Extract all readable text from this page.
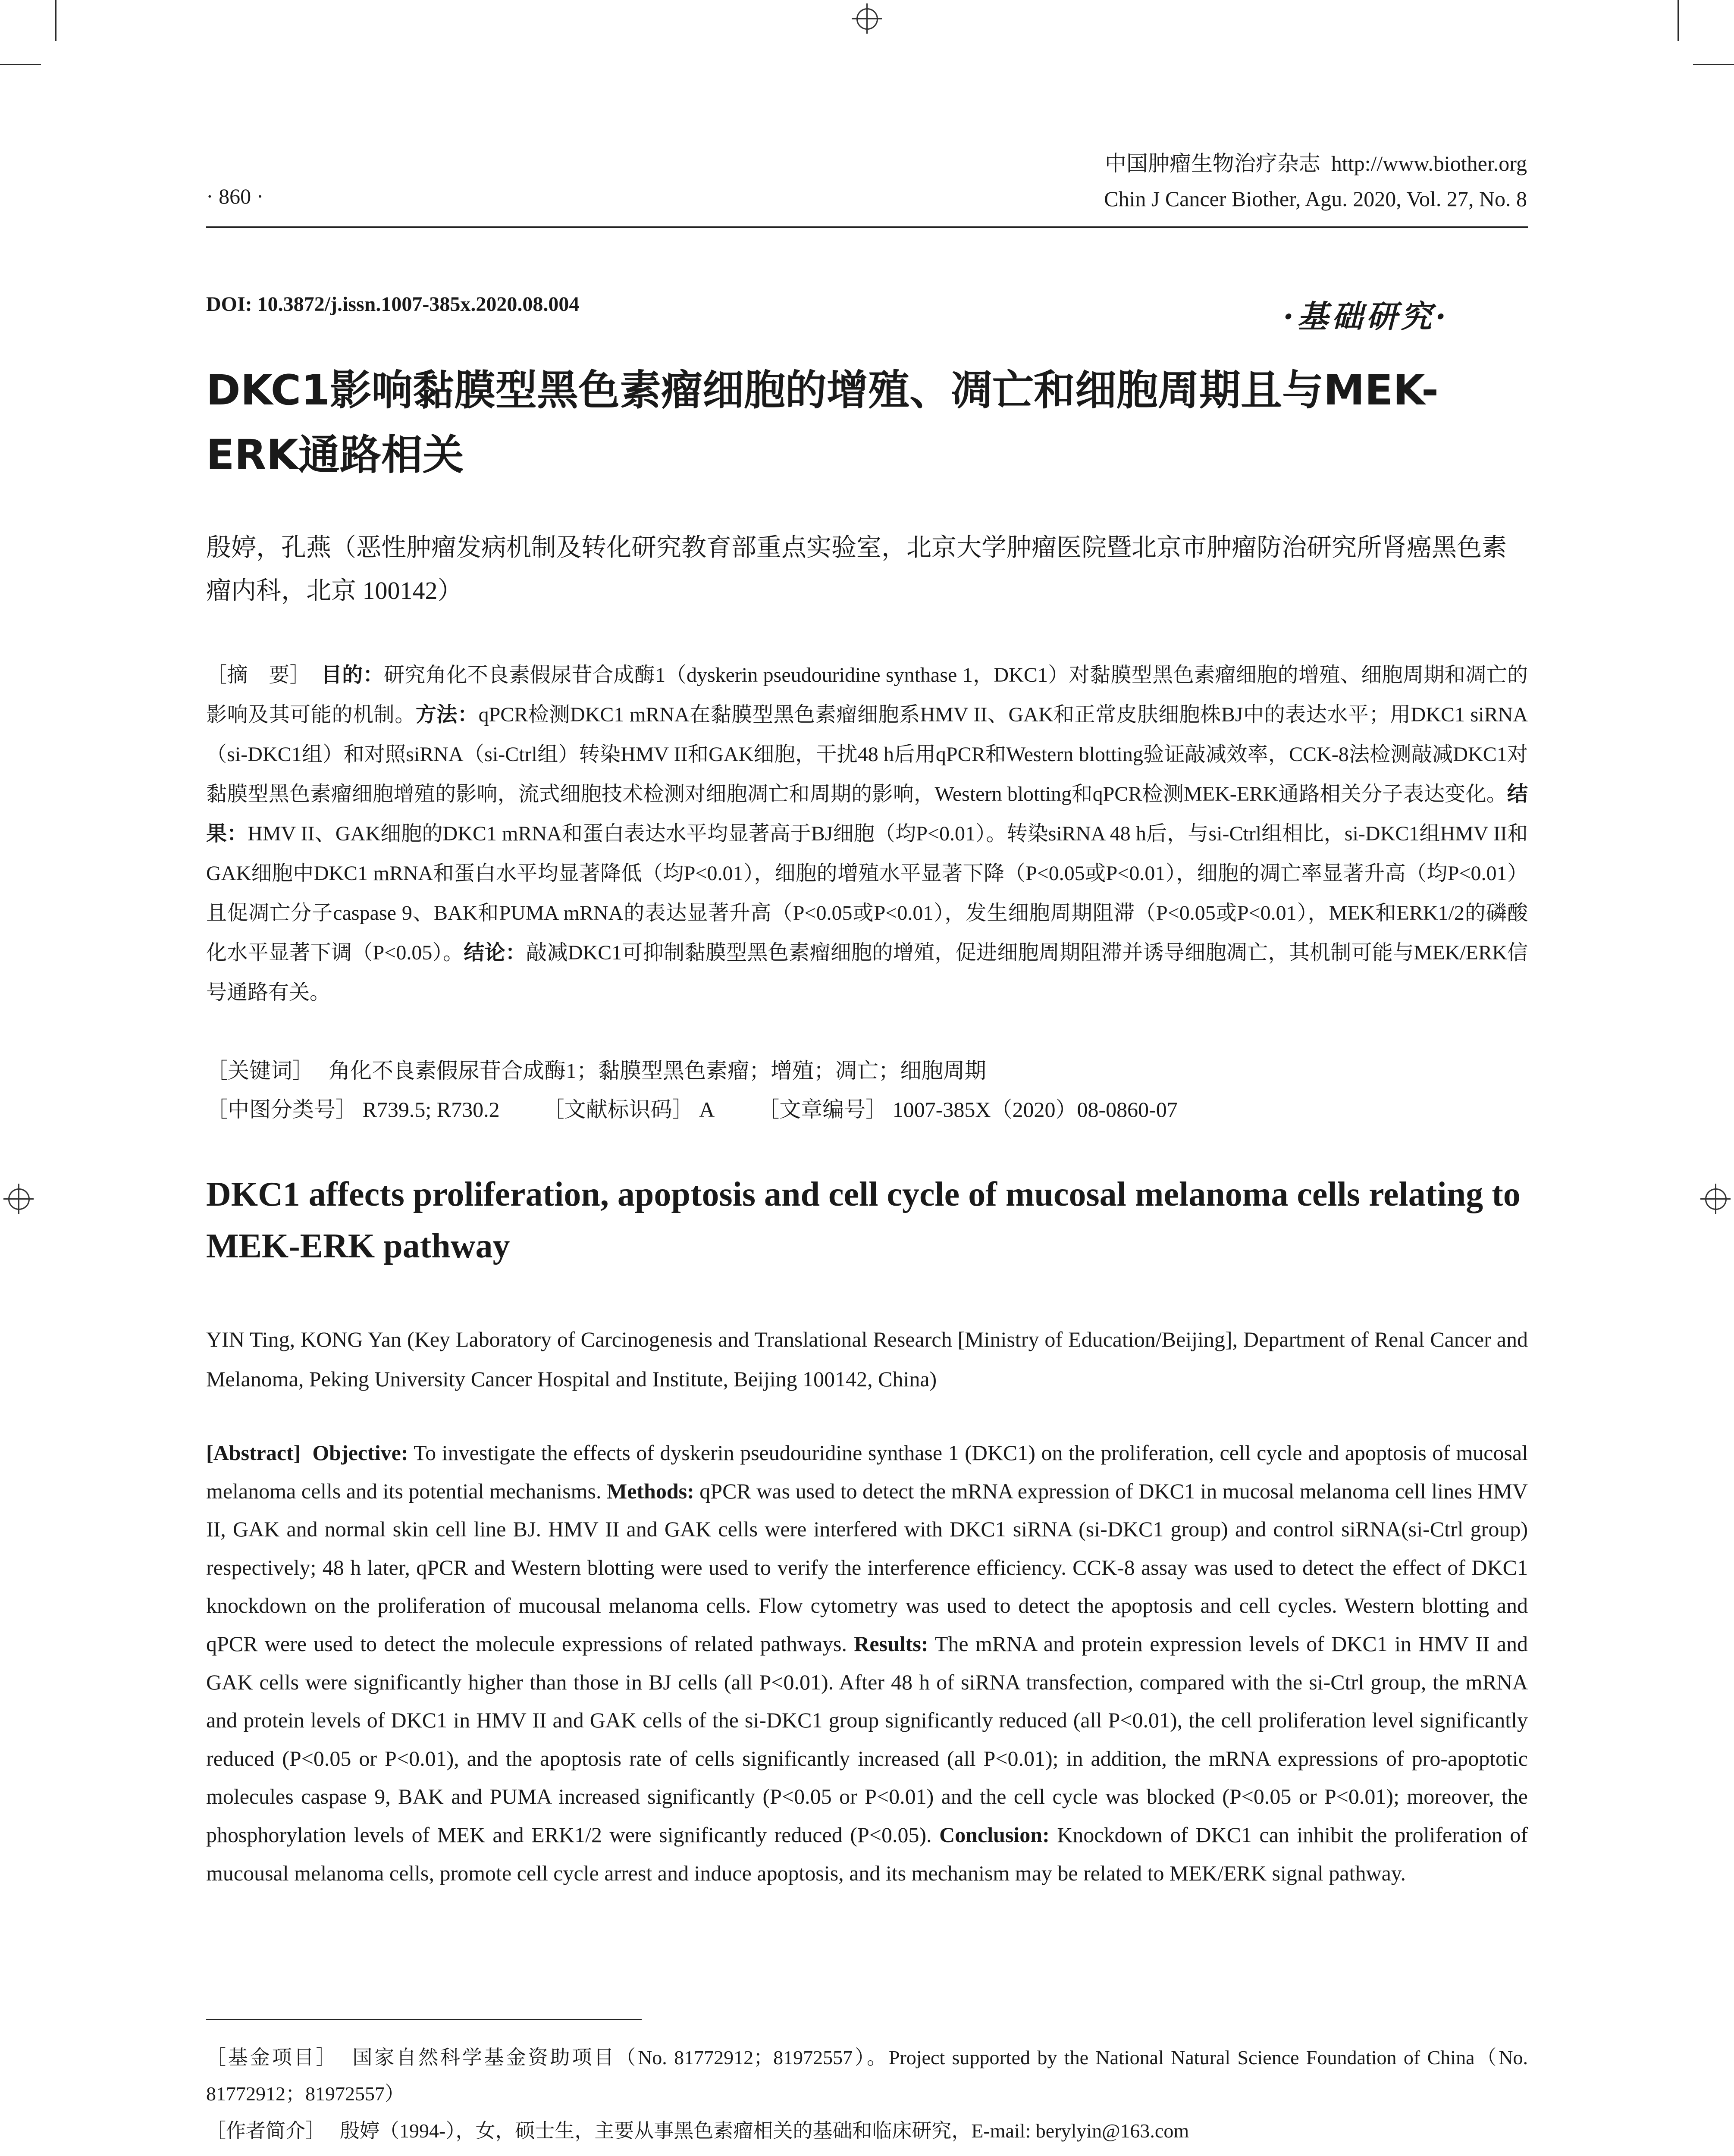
中国肿瘤生物治疗杂志 http://www.biother.org
Chin J Cancer Biother, Agu. 2020, Vol. 27, No. 8
· 860 ·
DOI: 10.3872/j.issn.1007-385x.2020.08.004	·基础研究·
DKC1影响黏膜型黑色素瘤细胞的增殖、凋亡和细胞周期且与MEK-ERK通路相关
殷婷，孔燕（恶性肿瘤发病机制及转化研究教育部重点实验室，北京大学肿瘤医院暨北京市肿瘤防治研究所肾癌黑色素瘤内科，北京 100142）
［摘　要］ 目的：研究角化不良素假尿苷合成酶1（dyskerin pseudouridine synthase 1，DKC1）对黏膜型黑色素瘤细胞的增殖、细胞周期和凋亡的影响及其可能的机制。方法：qPCR检测DKC1 mRNA在黏膜型黑色素瘤细胞系HMV II、GAK和正常皮肤细胞株BJ中的表达水平；用DKC1 siRNA（si-DKC1组）和对照siRNA（si-Ctrl组）转染HMV II和GAK细胞，干扰48 h后用qPCR和Western blotting验证敲减效率，CCK-8法检测敲减DKC1对黏膜型黑色素瘤细胞增殖的影响，流式细胞技术检测对细胞凋亡和周期的影响，Western blotting和qPCR检测MEK-ERK通路相关分子表达变化。结果：HMV II、GAK细胞的DKC1 mRNA和蛋白表达水平均显著高于BJ细胞（均P<0.01）。转染siRNA 48 h后，与si-Ctrl组相比，si-DKC1组HMV II和GAK细胞中DKC1 mRNA和蛋白水平均显著降低（均P<0.01），细胞的增殖水平显著下降（P<0.05或P<0.01），细胞的凋亡率显著升高（均P<0.01）且促凋亡分子caspase 9、BAK和PUMA mRNA的表达显著升高（P<0.05或P<0.01），发生细胞周期阻滞（P<0.05或P<0.01），MEK和ERK1/2的磷酸化水平显著下调（P<0.05）。结论：敲减DKC1可抑制黏膜型黑色素瘤细胞的增殖，促进细胞周期阻滞并诱导细胞凋亡，其机制可能与MEK/ERK信号通路有关。
［关键词］ 角化不良素假尿苷合成酶1；黏膜型黑色素瘤；增殖；凋亡；细胞周期
［中图分类号］ R739.5; R730.2 ［文献标识码］ A ［文章编号］ 1007-385X（2020）08-0860-07
DKC1 affects proliferation, apoptosis and cell cycle of mucosal melanoma cells relating to MEK-ERK pathway
YIN Ting, KONG Yan (Key Laboratory of Carcinogenesis and Translational Research [Ministry of Education/Beijing], Department of Renal Cancer and Melanoma, Peking University Cancer Hospital and Institute, Beijing 100142, China)
[Abstract] Objective: To investigate the effects of dyskerin pseudouridine synthase 1 (DKC1) on the proliferation, cell cycle and apoptosis of mucosal melanoma cells and its potential mechanisms. Methods: qPCR was used to detect the mRNA expression of DKC1 in mucosal melanoma cell lines HMV II, GAK and normal skin cell line BJ. HMV II and GAK cells were interfered with DKC1 siRNA (si-DKC1 group) and control siRNA(si-Ctrl group) respectively; 48 h later, qPCR and Western blotting were used to verify the interference efficiency. CCK-8 assay was used to detect the effect of DKC1 knockdown on the proliferation of mucousal melanoma cells. Flow cytometry was used to detect the apoptosis and cell cycles. Western blotting and qPCR were used to detect the molecule expressions of related pathways. Results: The mRNA and protein expression levels of DKC1 in HMV II and GAK cells were significantly higher than those in BJ cells (all P<0.01). After 48 h of siRNA transfection, compared with the si-Ctrl group, the mRNA and protein levels of DKC1 in HMV II and GAK cells of the si-DKC1 group significantly reduced (all P<0.01), the cell proliferation level significantly reduced (P<0.05 or P<0.01), and the apoptosis rate of cells significantly increased (all P<0.01); in addition, the mRNA expressions of pro-apoptotic molecules caspase 9, BAK and PUMA increased significantly (P<0.05 or P<0.01) and the cell cycle was blocked (P<0.05 or P<0.01); moreover, the phosphorylation levels of MEK and ERK1/2 were significantly reduced (P<0.05). Conclusion: Knockdown of DKC1 can inhibit the proliferation of mucousal melanoma cells, promote cell cycle arrest and induce apoptosis, and its mechanism may be related to MEK/ERK signal pathway.
［基金项目］ 国家自然科学基金资助项目（No. 81772912；81972557）。Project supported by the National Natural Science Foundation of China（No. 81772912；81972557）
［作者简介］ 殷婷（1994-），女，硕士生，主要从事黑色素瘤相关的基础和临床研究，E-mail: berylyin@163.com
